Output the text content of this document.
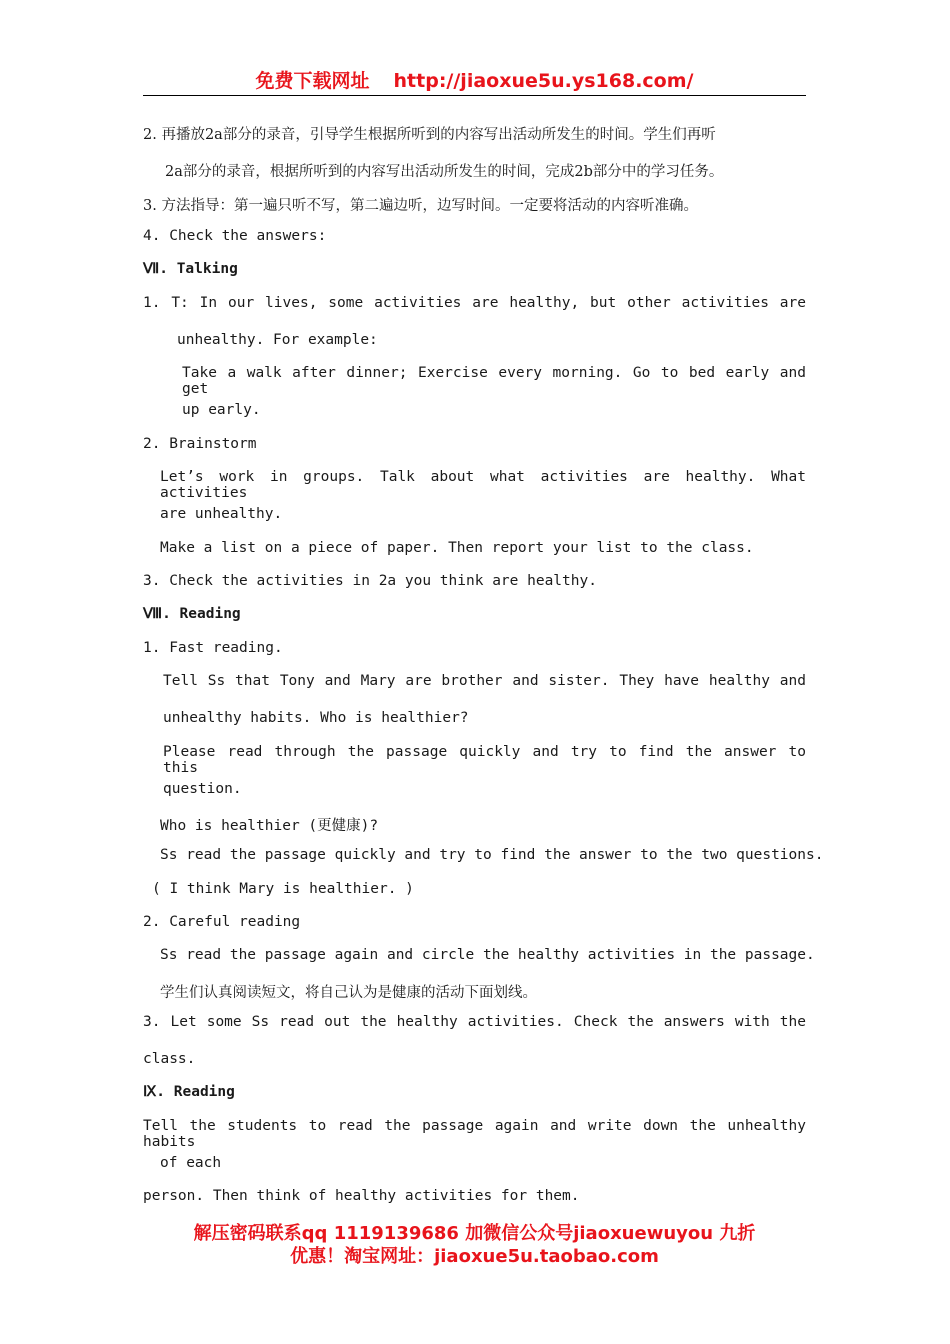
免费下载网址 http://jiaoxue5u.ys168.com/
2. 再播放2a部分的录音，引导学生根据所听到的内容写出活动所发生的时间。学生们再听
2a部分的录音，根据所听到的内容写出活动所发生的时间，完成2b部分中的学习任务。
3. 方法指导：第一遍只听不写，第二遍边听，边写时间。一定要将活动的内容听准确。
4. Check the answers:
Ⅶ. Talking
1. T: In our lives, some activities are healthy, but other activities are
unhealthy. For example:
Take a walk after dinner; Exercise every morning. Go to bed early and get
up early.
2. Brainstorm
Let’s work in groups. Talk about what activities are healthy. What activities
are unhealthy.
Make a list on a piece of paper. Then report your list to the class.
3. Check the activities in 2a you think are healthy.
Ⅷ. Reading
1. Fast reading.
Tell Ss that Tony and Mary are brother and sister. They have healthy and
unhealthy habits. Who is healthier?
Please read through the passage quickly and try to find the answer to this
question.
Who is healthier (更健康)?
Ss read the passage quickly and try to find the answer to the two questions.
( I think Mary is healthier. )
2. Careful reading
Ss read the passage again and circle the healthy activities in the passage.
学生们认真阅读短文，将自己认为是健康的活动下面划线。
3. Let some Ss read out the healthy activities. Check the answers with the
class.
Ⅸ. Reading
Tell the students to read the passage again and write down the unhealthy habits
of each
person. Then think of healthy activities for them.
解压密码联系qq 1119139686 加微信公众号jiaoxuewuyou 九折
优惠！淘宝网址：jiaoxue5u.taobao.com
